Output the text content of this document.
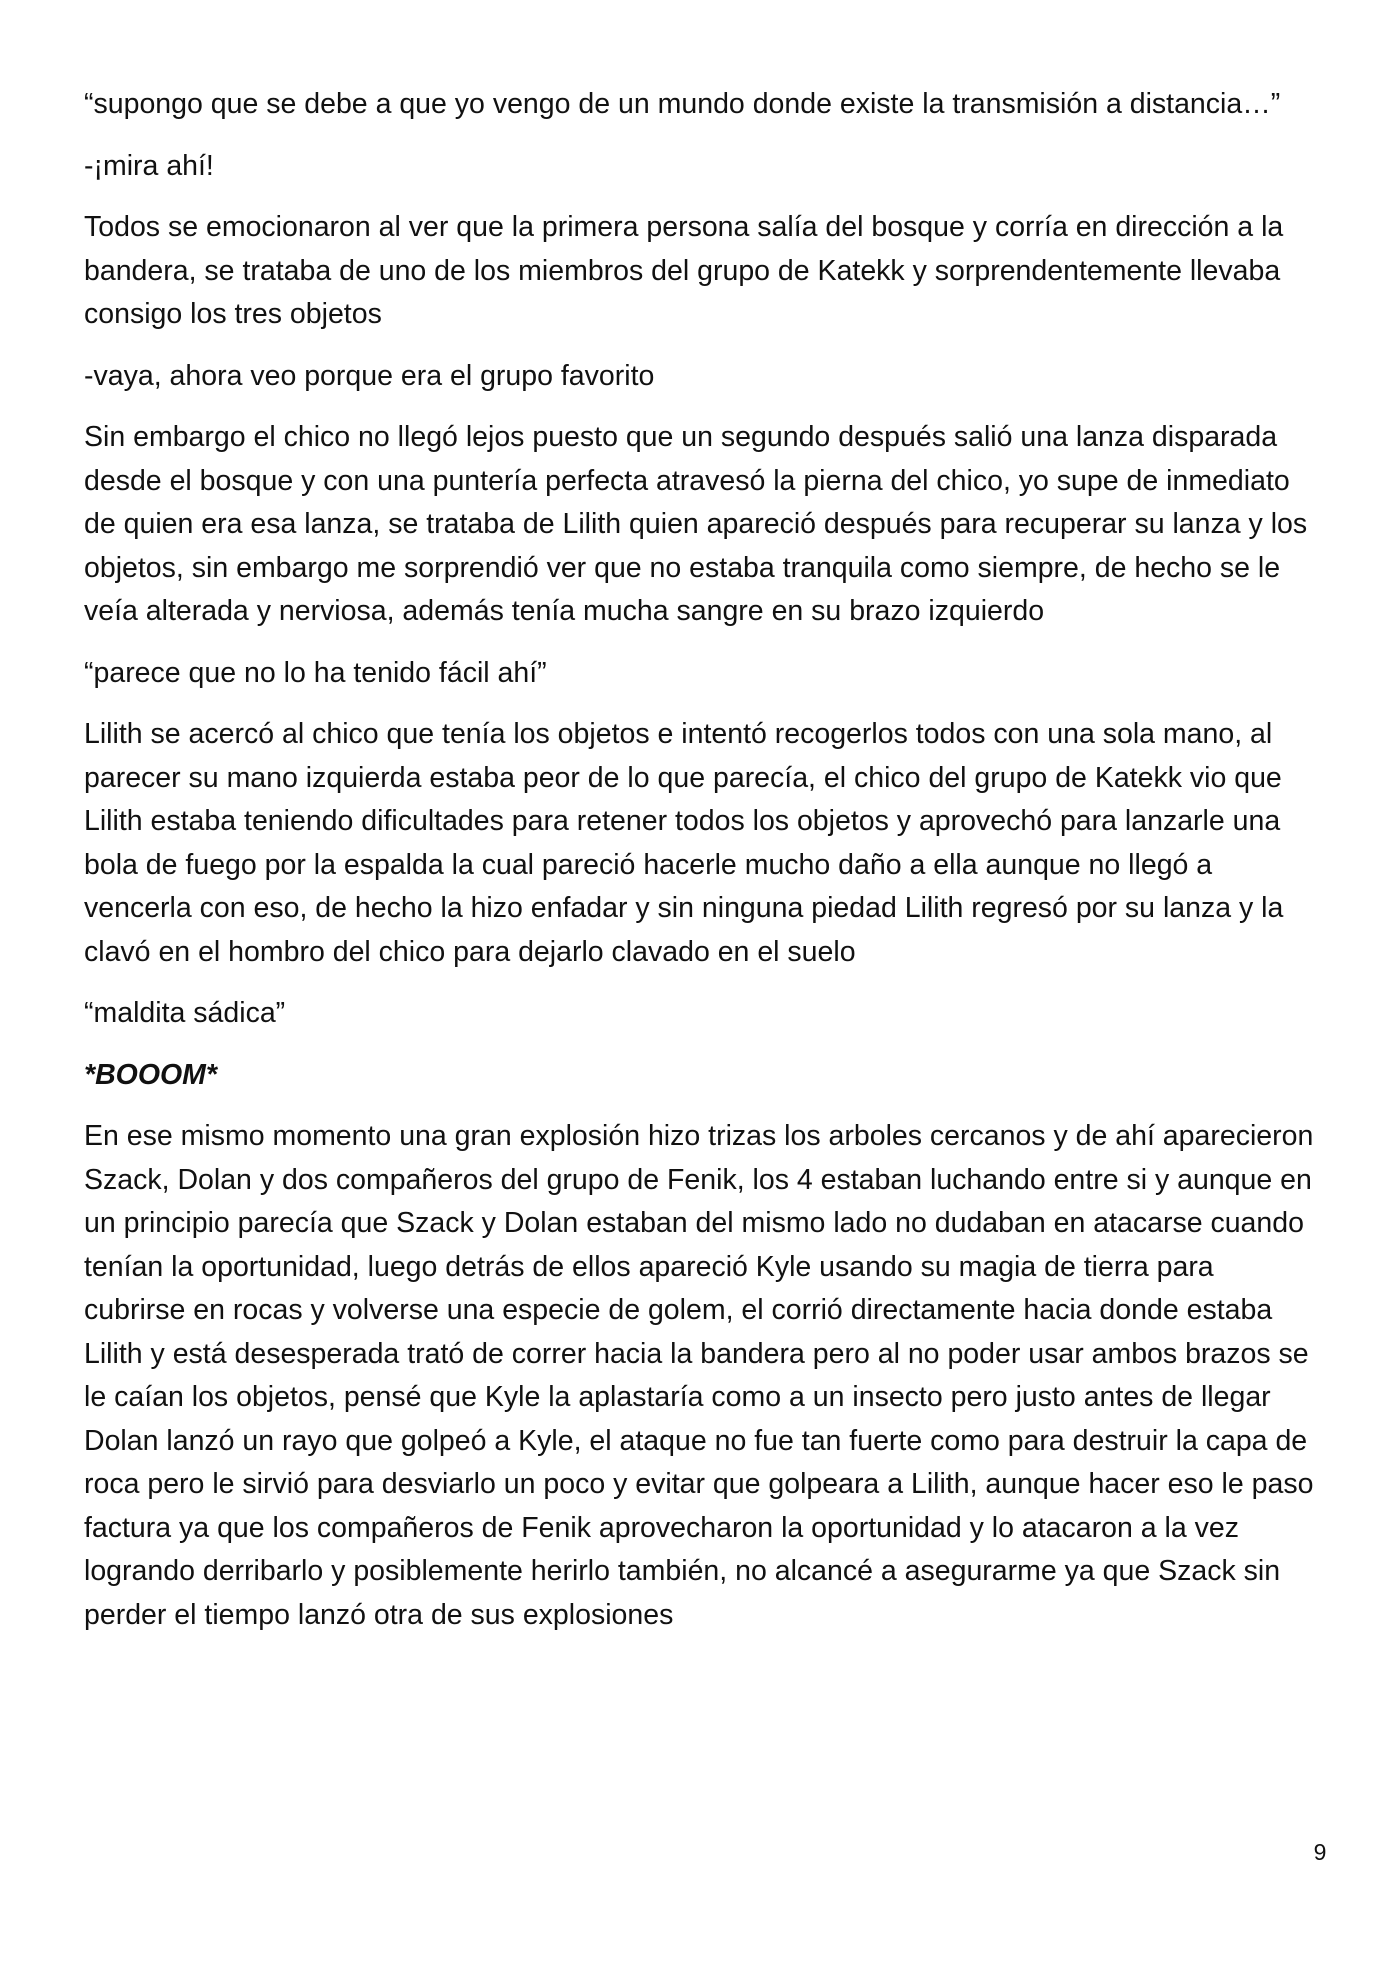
“supongo que se debe a que yo vengo de un mundo donde existe la transmisión a distancia…”

-¡mira ahí!

Todos se emocionaron al ver que la primera persona salía del bosque y corría en dirección a la bandera, se trataba de uno de los miembros del grupo de Katekk y sorprendentemente llevaba consigo los tres objetos

-vaya, ahora veo porque era el grupo favorito

Sin embargo el chico no llegó lejos puesto que un segundo después salió una lanza disparada desde el bosque y con una puntería perfecta atravesó la pierna del chico, yo supe de inmediato de quien era esa lanza, se trataba de Lilith quien apareció después para recuperar su lanza y los objetos, sin embargo me sorprendió ver que no estaba tranquila como siempre, de hecho se le veía alterada y nerviosa, además tenía mucha sangre en su brazo izquierdo

“parece que no lo ha tenido fácil ahí”

Lilith se acercó al chico que tenía los objetos e intentó recogerlos todos con una sola mano, al parecer su mano izquierda estaba peor de lo que parecía, el chico del grupo de Katekk vio que Lilith estaba teniendo dificultades para retener todos los objetos y aprovechó para lanzarle una bola de fuego por la espalda la cual pareció hacerle mucho daño a ella aunque no llegó a vencerla con eso, de hecho la hizo enfadar y sin ninguna piedad Lilith regresó por su lanza y la clavó en el hombro del chico para dejarlo clavado en el suelo

“maldita sádica”

*BOOOM*

En ese mismo momento una gran explosión hizo trizas los arboles cercanos y de ahí aparecieron Szack, Dolan y dos compañeros del grupo de Fenik, los 4 estaban luchando entre si y aunque en un principio parecía que Szack y Dolan estaban del mismo lado no dudaban en atacarse cuando tenían la oportunidad, luego detrás de ellos apareció Kyle usando su magia de tierra para cubrirse en rocas y volverse una especie de golem, el corrió directamente hacia donde estaba Lilith y está desesperada trató de correr hacia la bandera pero al no poder usar ambos brazos se le caían los objetos, pensé que Kyle la aplastaría como a un insecto pero justo antes de llegar Dolan lanzó un rayo que golpeó a Kyle, el ataque no fue tan fuerte como para destruir la capa de roca pero le sirvió para desviarlo un poco y evitar que golpeara a Lilith, aunque hacer eso le paso factura ya que los compañeros de Fenik aprovecharon la oportunidad y lo atacaron a la vez logrando derribarlo y posiblemente herirlo también, no alcancé a asegurarme ya que Szack sin perder el tiempo lanzó otra de sus explosiones

9
